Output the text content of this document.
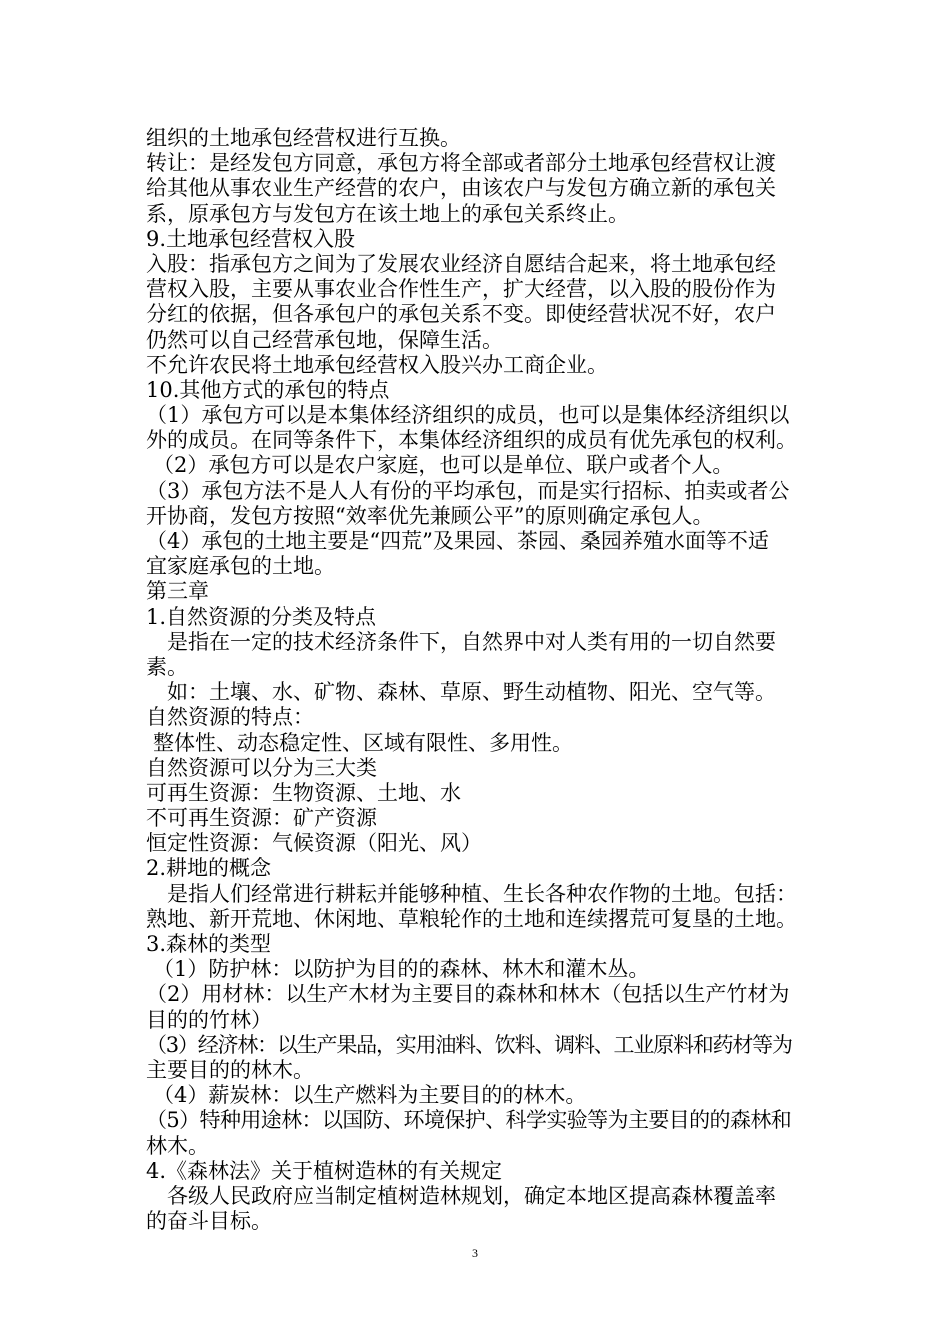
组织的土地承包经营权进行互换。
转让：是经发包方同意，承包方将全部或者部分土地承包经营权让渡
给其他从事农业生产经营的农户，由该农户与发包方确立新的承包关
系，原承包方与发包方在该土地上的承包关系终止。
9.土地承包经营权入股
入股：指承包方之间为了发展农业经济自愿结合起来，将土地承包经
营权入股，主要从事农业合作性生产，扩大经营，以入股的股份作为
分红的依据，但各承包户的承包关系不变。即使经营状况不好，农户
仍然可以自己经营承包地，保障生活。
不允许农民将土地承包经营权入股兴办工商企业。
10.其他方式的承包的特点
（1）承包方可以是本集体经济组织的成员，也可以是集体经济组织以
外的成员。在同等条件下，本集体经济组织的成员有优先承包的权利。
（2）承包方可以是农户家庭，也可以是单位、联户或者个人。
（3）承包方法不是人人有份的平均承包，而是实行招标、拍卖或者公
开协商，发包方按照“效率优先兼顾公平”的原则确定承包人。
（4）承包的土地主要是“四荒”及果园、茶园、桑园养殖水面等不适
宜家庭承包的土地。
第三章
1.自然资源的分类及特点
是指在一定的技术经济条件下，自然界中对人类有用的一切自然要
素。
如：土壤、水、矿物、森林、草原、野生动植物、阳光、空气等。
自然资源的特点：
整体性、动态稳定性、区域有限性、多用性。
自然资源可以分为三大类
可再生资源：生物资源、土地、水
不可再生资源：矿产资源
恒定性资源：气候资源（阳光、风）
2.耕地的概念
是指人们经常进行耕耘并能够种植、生长各种农作物的土地。包括：
熟地、新开荒地、休闲地、草粮轮作的土地和连续撂荒可复垦的土地。
3.森林的类型
（1）防护林：以防护为目的的森林、林木和灌木丛。
（2）用材林：以生产木材为主要目的森林和林木（包括以生产竹材为
目的的竹林）
（3）经济林：以生产果品，实用油料、饮料、调料、工业原料和药材等为
主要目的的林木。
（4）薪炭林：以生产燃料为主要目的的林木。
（5）特种用途林：以国防、环境保护、科学实验等为主要目的的森林和
林木。
4.《森林法》关于植树造林的有关规定
各级人民政府应当制定植树造林规划，确定本地区提高森林覆盖率
的奋斗目标。
3
